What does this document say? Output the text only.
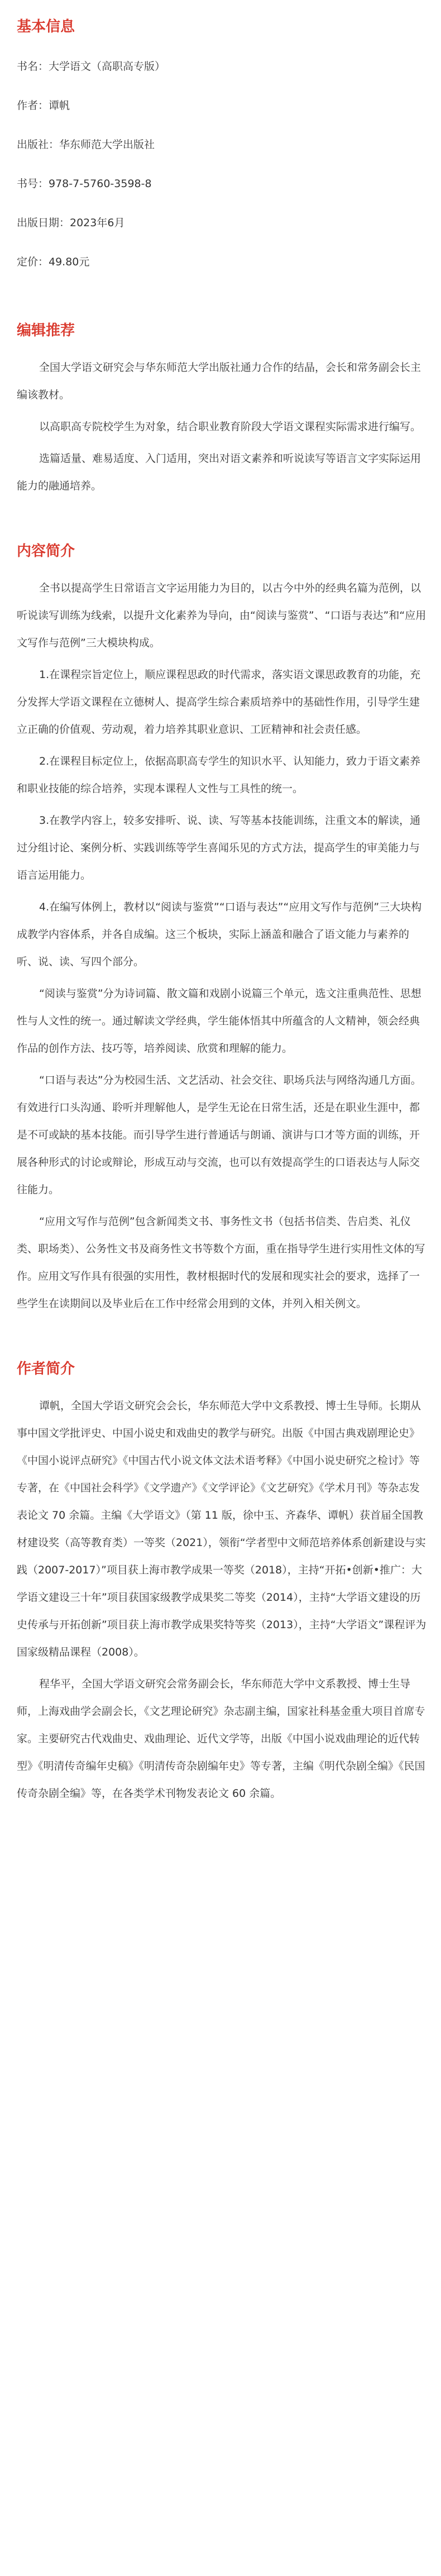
基本信息

书名：大学语文（高职高专版）

作者：谭帆

出版社：华东师范大学出版社

书号：978-7-5760-3598-8

出版日期：2023年6月

定价：49.80元

编辑推荐

全国大学语文研究会与华东师范大学出版社通力合作的结晶，会长和常务副会长主编该教材。

以高职高专院校学生为对象，结合职业教育阶段大学语文课程实际需求进行编写。

选篇适量、难易适度、入门适用，突出对语文素养和听说读写等语言文字实际运用能力的融通培养。

内容简介

全书以提高学生日常语言文字运用能力为目的，以古今中外的经典名篇为范例，以听说读写训练为线索，以提升文化素养为导向，由“阅读与鉴赏”、“口语与表达”和“应用文写作与范例”三大模块构成。

1.在课程宗旨定位上，顺应课程思政的时代需求，落实语文课思政教育的功能，充分发挥大学语文课程在立德树人、提高学生综合素质培养中的基础性作用，引导学生建立正确的价值观、劳动观，着力培养其职业意识、工匠精神和社会责任感。

2.在课程目标定位上，依据高职高专学生的知识水平、认知能力，致力于语文素养和职业技能的综合培养，实现本课程人文性与工具性的统一。

3.在教学内容上，较多安排听、说、读、写等基本技能训练，注重文本的解读，通过分组讨论、案例分析、实践训练等学生喜闻乐见的方式方法，提高学生的审美能力与语言运用能力。

4.在编写体例上，教材以“阅读与鉴赏”“口语与表达”“应用文写作与范例”三大块构成教学内容体系，并各自成编。这三个板块，实际上涵盖和融合了语文能力与素养的听、说、读、写四个部分。

“阅读与鉴赏”分为诗词篇、散文篇和戏剧小说篇三个单元，选文注重典范性、思想性与人文性的统一。通过解读文学经典，学生能体悟其中所蕴含的人文精神，领会经典作品的创作方法、技巧等，培养阅读、欣赏和理解的能力。

“口语与表达”分为校园生活、文艺活动、社会交往、职场兵法与网络沟通几方面。有效进行口头沟通、聆听并理解他人，是学生无论在日常生活，还是在职业生涯中，都是不可或缺的基本技能。而引导学生进行普通话与朗诵、演讲与口才等方面的训练，开展各种形式的讨论或辩论，形成互动与交流，也可以有效提高学生的口语表达与人际交往能力。

“应用文写作与范例”包含新闻类文书、事务性文书（包括书信类、告启类、礼仪类、职场类）、公务性文书及商务性文书等数个方面，重在指导学生进行实用性文体的写作。应用文写作具有很强的实用性，教材根据时代的发展和现实社会的要求，选择了一些学生在读期间以及毕业后在工作中经常会用到的文体，并列入相关例文。

作者简介

谭帆，全国大学语文研究会会长，华东师范大学中文系教授、博士生导师。长期从事中国文学批评史、中国小说史和戏曲史的教学与研究。出版《中国古典戏剧理论史》《中国小说评点研究》《中国古代小说文体文法术语考释》《中国小说史研究之检讨》等专著，在《中国社会科学》《文学遗产》《文学评论》《文艺研究》《学术月刊》等杂志发表论文 70 余篇。主编《大学语文》（第 11 版，徐中玉、齐森华、谭帆）获首届全国教材建设奖（高等教育类）一等奖（2021），领衔“学者型中文师范培养体系创新建设与实践（2007-2017）”项目获上海市教学成果一等奖（2018），主持“开拓•创新•推广：大学语文建设三十年”项目获国家级教学成果奖二等奖（2014），主持“大学语文建设的历史传承与开拓创新”项目获上海市教学成果奖特等奖（2013），主持“大学语文”课程评为国家级精品课程（2008）。

程华平，全国大学语文研究会常务副会长，华东师范大学中文系教授、博士生导师，上海戏曲学会副会长，《文艺理论研究》杂志副主编，国家社科基金重大项目首席专家。主要研究古代戏曲史、戏曲理论、近代文学等，出版《中国小说戏曲理论的近代转型》《明清传奇编年史稿》《明清传奇杂剧编年史》等专著，主编《明代杂剧全编》《民国传奇杂剧全编》等，在各类学术刊物发表论文 60 余篇。
